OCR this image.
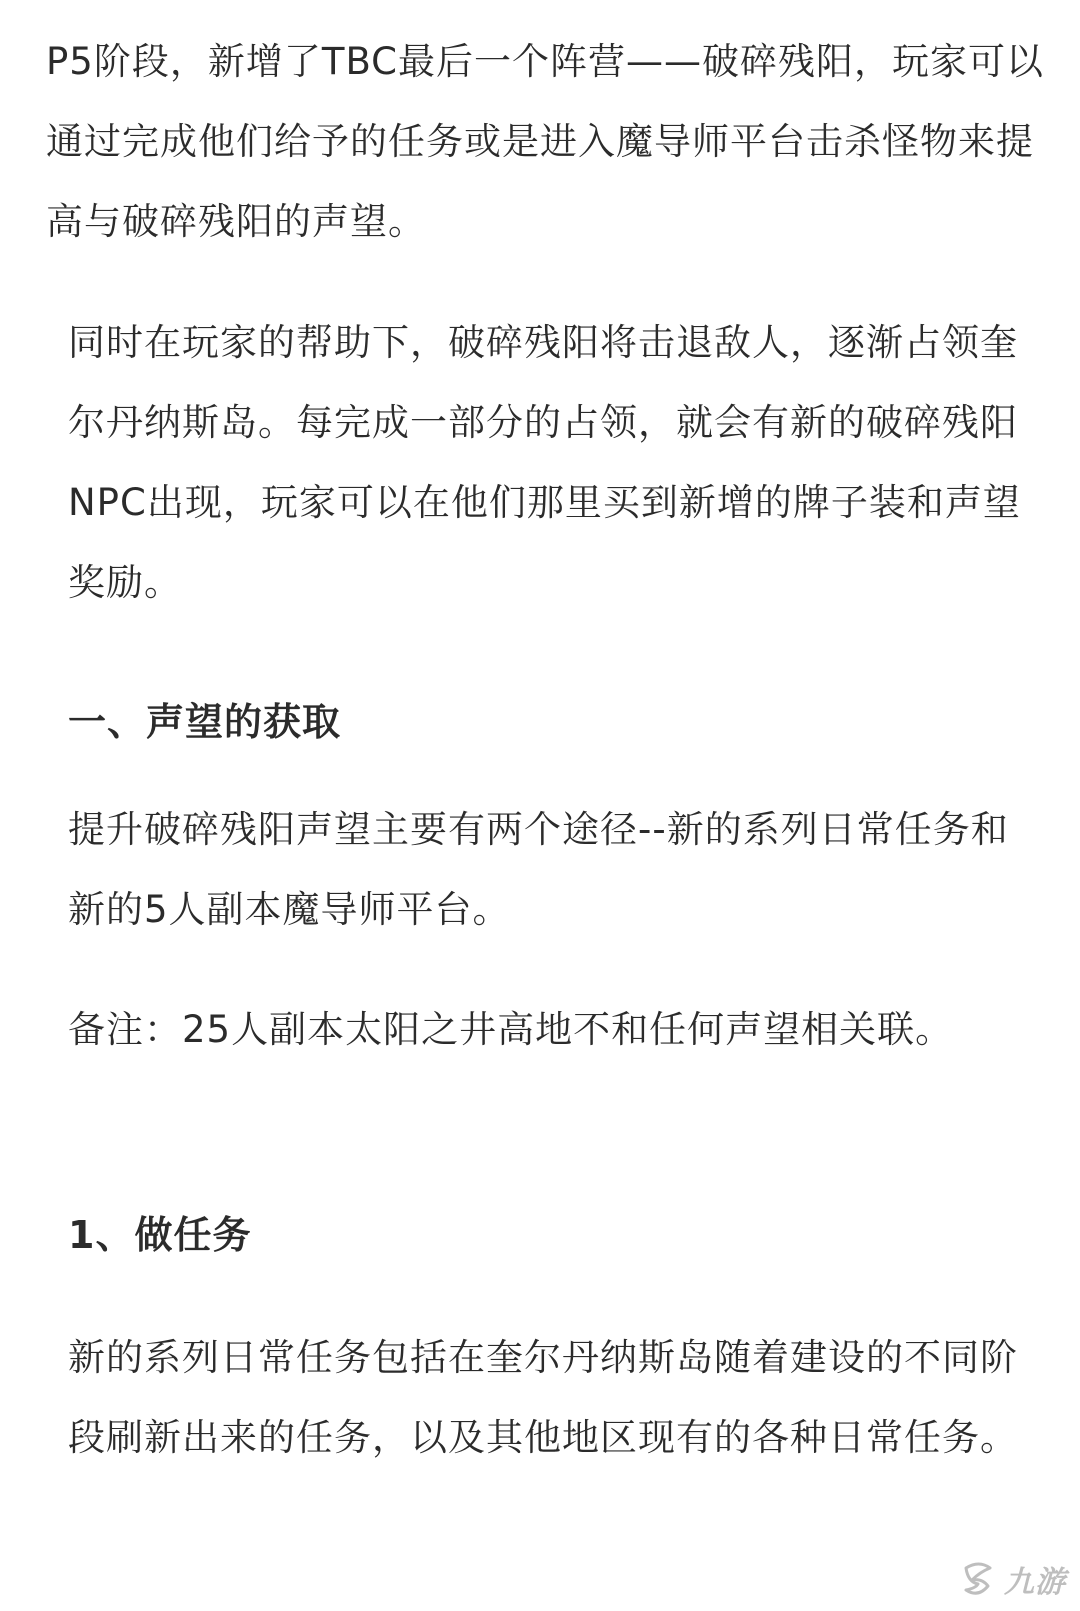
P5阶段，新增了TBC最后一个阵营——破碎残阳，玩家可以通过完成他们给予的任务或是进入魔导师平台击杀怪物来提高与破碎残阳的声望。

同时在玩家的帮助下，破碎残阳将击退敌人，逐渐占领奎尔丹纳斯岛。每完成一部分的占领，就会有新的破碎残阳NPC出现，玩家可以在他们那里买到新增的牌子装和声望奖励。

一、声望的获取

提升破碎残阳声望主要有两个途径--新的系列日常任务和新的5人副本魔导师平台。

备注：25人副本太阳之井高地不和任何声望相关联。

1、做任务

新的系列日常任务包括在奎尔丹纳斯岛随着建设的不同阶段刷新出来的任务，以及其他地区现有的各种日常任务。

九游
